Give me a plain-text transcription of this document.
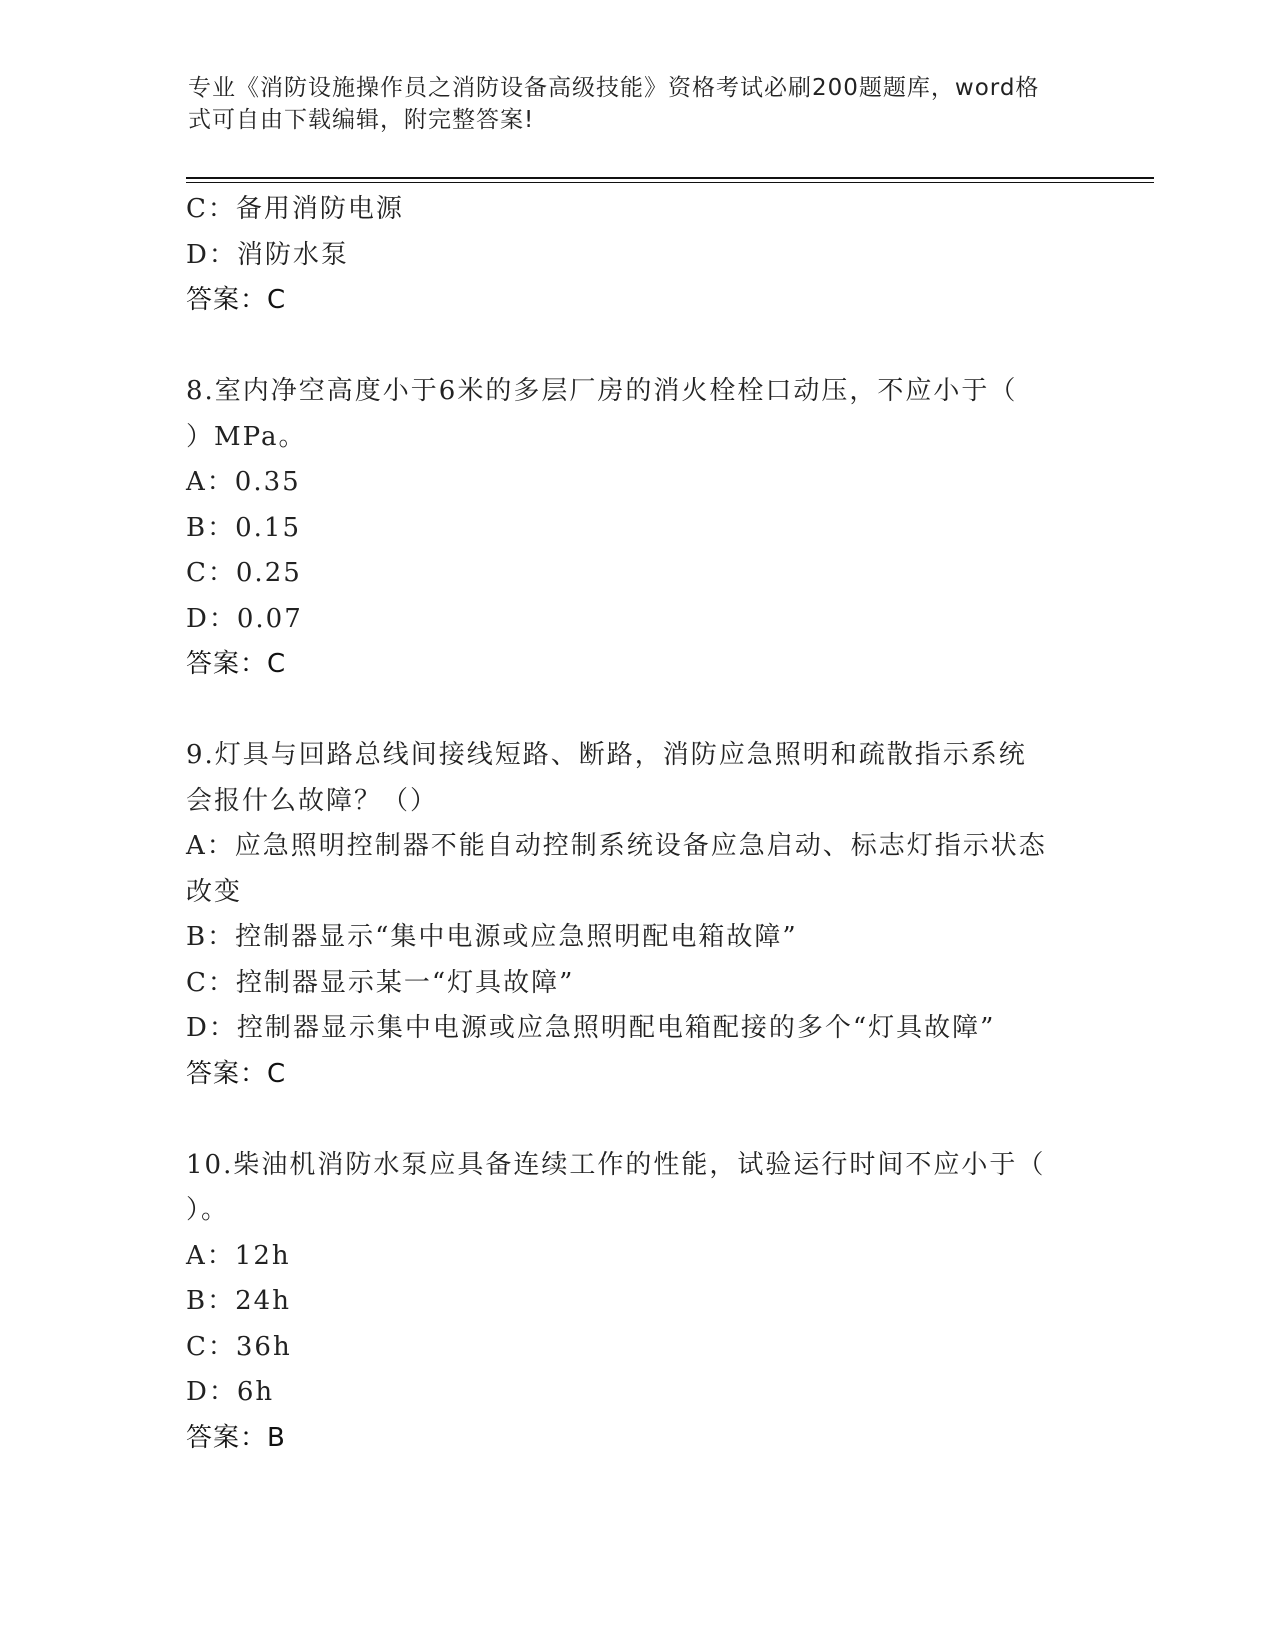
专业《消防设施操作员之消防设备高级技能》资格考试必刷200题题库，word格
式可自由下载编辑，附完整答案!
C：备用消防电源
D：消防水泵
答案：C
8.室内净空高度小于6米的多层厂房的消火栓栓口动压，不应小于（
）MPa。
A：0.35
B：0.15
C：0.25
D：0.07
答案：C
9.灯具与回路总线间接线短路、断路，消防应急照明和疏散指示系统
会报什么故障？（）
A：应急照明控制器不能自动控制系统设备应急启动、标志灯指示状态
改变
B：控制器显示“集中电源或应急照明配电箱故障”
C：控制器显示某一“灯具故障”
D：控制器显示集中电源或应急照明配电箱配接的多个“灯具故障”
答案：C
10.柴油机消防水泵应具备连续工作的性能，试验运行时间不应小于（
）。
A：12h
B：24h
C：36h
D：6h
答案：B
